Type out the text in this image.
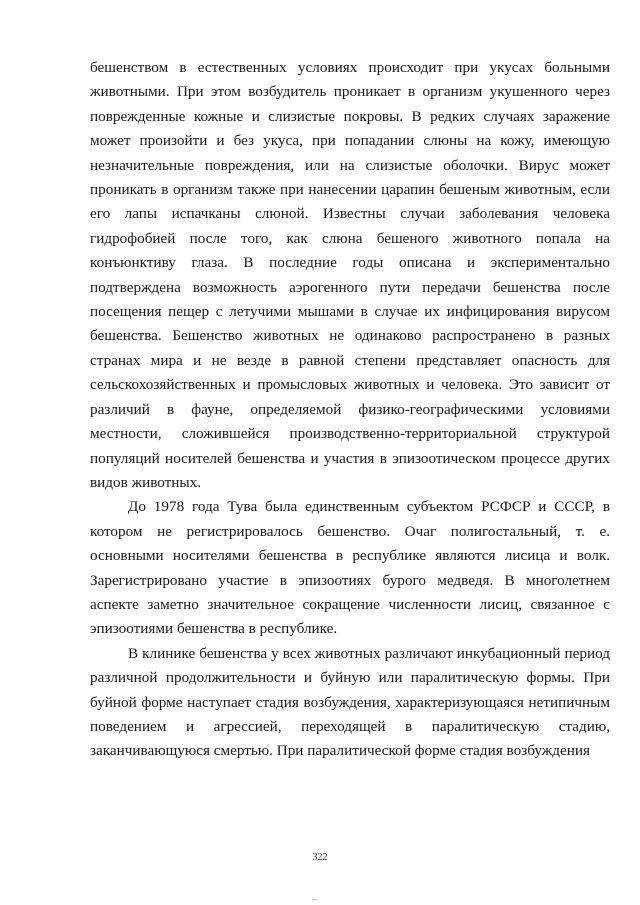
бешенством в естественных условиях происходит при укусах больными животными. При этом возбудитель проникает в организм укушенного через поврежденные кожные и слизистые покровы. В редких случаях заражение может произойти и без укуса, при попадании слюны на кожу, имеющую незначительные повреждения, или на слизистые оболочки. Вирус может проникать в организм также при нанесении царапин бешеным животным, если его лапы испачканы слюной. Известны случаи заболевания человека гидрофобией после того, как слюна бешеного животного попала на конъюнктиву глаза. В последние годы описана и экспериментально подтверждена возможность аэрогенного пути передачи бешенства после посещения пещер с летучими мышами в случае их инфицирования вирусом бешенства. Бешенство животных не одинаково распространено в разных странах мира и не везде в равной степени представляет опасность для сельскохозяйственных и промысловых животных и человека. Это зависит от различий в фауне, определяемой физико-географическими условиями местности, сложившейся производственно-территориальной структурой популяций носителей бешенства и участия в эпизоотическом процессе других видов животных.

До 1978 года Тува была единственным субъектом РСФСР и СССР, в котором не регистрировалось бешенство. Очаг полигостальный, т. е. основными носителями бешенства в республике являются лисица и волк. Зарегистрировано участие в эпизоотиях бурого медведя. В многолетнем аспекте заметно значительное сокращение численности лисиц, связанное с эпизоотиями бешенства в республике.

В клинике бешенства у всех животных различают инкубационный период различной продолжительности и буйную или паралитическую формы. При буйной форме наступает стадия возбуждения, характеризующаяся нетипичным поведением и агрессией, переходящей в паралитическую стадию, заканчивающуюся смертью. При паралитической форме стадия возбуждения

322
...
